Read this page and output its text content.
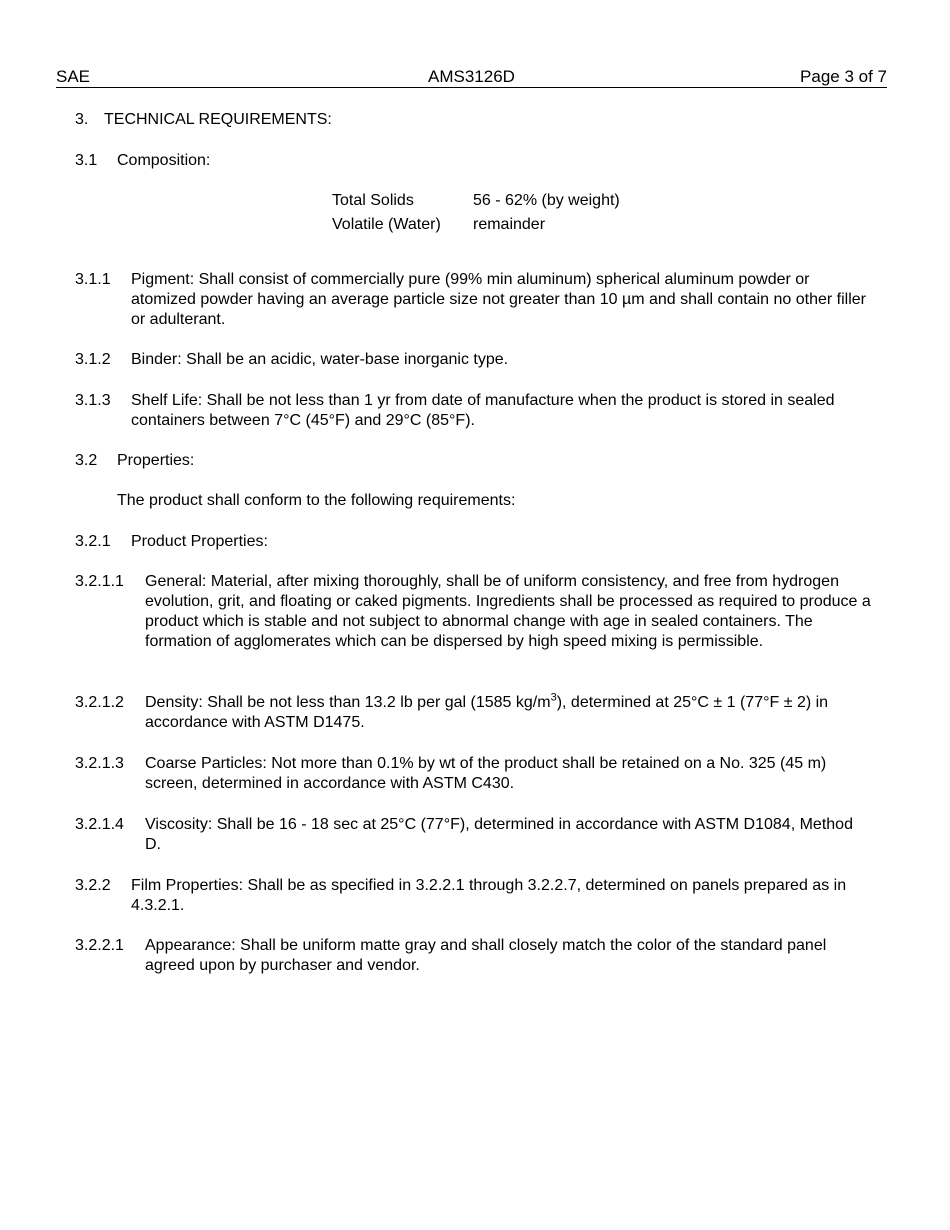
SAE	AMS3126D	Page 3 of 7
3. TECHNICAL REQUIREMENTS:
3.1 Composition:
Total Solids	56 - 62% (by weight)
Volatile (Water)	remainder
3.1.1 Pigment: Shall consist of commercially pure (99% min aluminum) spherical aluminum powder or atomized powder having an average particle size not greater than 10 µm and shall contain no other filler or adulterant.
3.1.2 Binder: Shall be an acidic, water-base inorganic type.
3.1.3 Shelf Life: Shall be not less than 1 yr from date of manufacture when the product is stored in sealed containers between 7°C (45°F) and 29°C (85°F).
3.2 Properties:
The product shall conform to the following requirements:
3.2.1 Product Properties:
3.2.1.1 General: Material, after mixing thoroughly, shall be of uniform consistency, and free from hydrogen evolution, grit, and floating or caked pigments. Ingredients shall be processed as required to produce a product which is stable and not subject to abnormal change with age in sealed containers. The formation of agglomerates which can be dispersed by high speed mixing is permissible.
3.2.1.2 Density: Shall be not less than 13.2 lb per gal (1585 $kg/m^3$), determined at 25°C ± 1 (77°F ± 2) in accordance with ASTM D1475.
3.2.1.3 Coarse Particles: Not more than 0.1% by wt of the product shall be retained on a No. 325 (45 m) screen, determined in accordance with ASTM C430.
3.2.1.4 Viscosity: Shall be 16 - 18 sec at 25°C (77°F), determined in accordance with ASTM D1084, Method D.
3.2.2 Film Properties: Shall be as specified in 3.2.2.1 through 3.2.2.7, determined on panels prepared as in 4.3.2.1.
3.2.2.1 Appearance: Shall be uniform matte gray and shall closely match the color of the standard panel agreed upon by purchaser and vendor.
